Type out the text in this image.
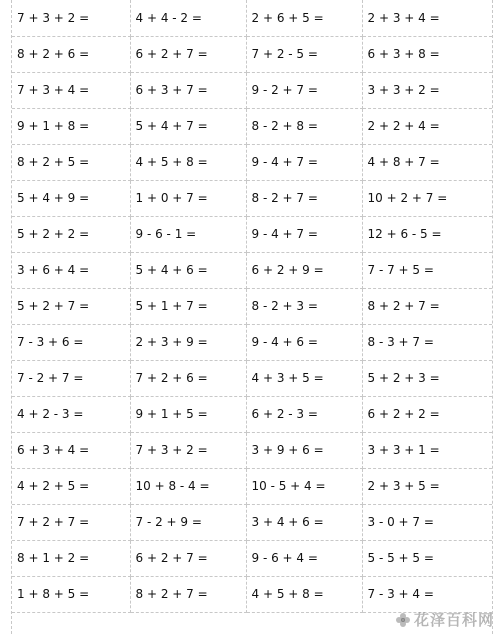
7 + 3 + 2 =	4 + 4 - 2 =	2 + 6 + 5 =	2 + 3 + 4 =
8 + 2 + 6 =	6 + 2 + 7 =	7 + 2 - 5 =	6 + 3 + 8 =
7 + 3 + 4 =	6 + 3 + 7 =	9 - 2 + 7 =	3 + 3 + 2 =
9 + 1 + 8 =	5 + 4 + 7 =	8 - 2 + 8 =	2 + 2 + 4 =
8 + 2 + 5 =	4 + 5 + 8 =	9 - 4 + 7 =	4 + 8 + 7 =
5 + 4 + 9 =	1 + 0 + 7 =	8 - 2 + 7 =	10 + 2 + 7 =
5 + 2 + 2 =	9 - 6 - 1 =	9 - 4 + 7 =	12 + 6 - 5 =
3 + 6 + 4 =	5 + 4 + 6 =	6 + 2 + 9 =	7 - 7 + 5 =
5 + 2 + 7 =	5 + 1 + 7 =	8 - 2 + 3 =	8 + 2 + 7 =
7 - 3 + 6 =	2 + 3 + 9 =	9 - 4 + 6 =	8 - 3 + 7 =
7 - 2 + 7 =	7 + 2 + 6 =	4 + 3 + 5 =	5 + 2 + 3 =
4 + 2 - 3 =	9 + 1 + 5 =	6 + 2 - 3 =	6 + 2 + 2 =
6 + 3 + 4 =	7 + 3 + 2 =	3 + 9 + 6 =	3 + 3 + 1 =
4 + 2 + 5 =	10 + 8 - 4 =	10 - 5 + 4 =	2 + 3 + 5 =
7 + 2 + 7 =	7 - 2 + 9 =	3 + 4 + 6 =	3 - 0 + 7 =
8 + 1 + 2 =	6 + 2 + 7 =	9 - 6 + 4 =	5 - 5 + 5 =
1 + 8 + 5 =	8 + 2 + 7 =	4 + 5 + 8 =	7 - 3 + 4 =
花泽百科网
